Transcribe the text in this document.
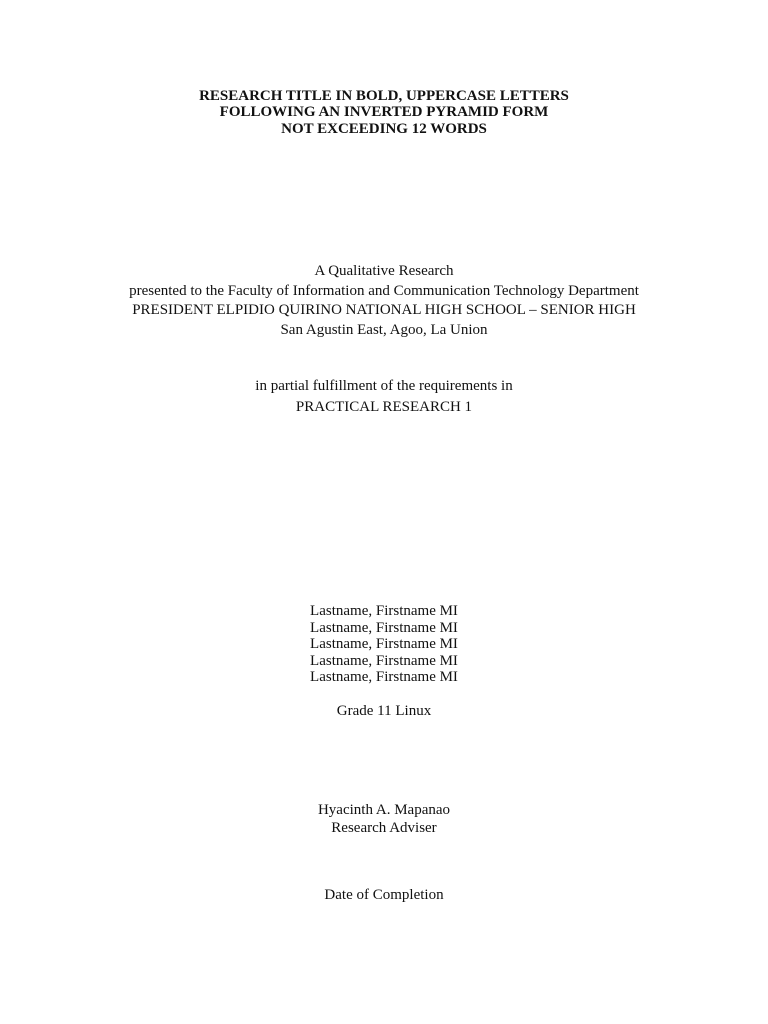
RESEARCH TITLE IN BOLD, UPPERCASE LETTERS
FOLLOWING AN INVERTED PYRAMID FORM
NOT EXCEEDING 12 WORDS
A Qualitative Research
presented to the Faculty of Information and Communication Technology Department
PRESIDENT ELPIDIO QUIRINO NATIONAL HIGH SCHOOL – SENIOR HIGH
San Agustin East, Agoo, La Union
in partial fulfillment of the requirements in
PRACTICAL RESEARCH 1
Lastname, Firstname MI
Lastname, Firstname MI
Lastname, Firstname MI
Lastname, Firstname MI
Lastname, Firstname MI
Grade 11 Linux
Hyacinth A. Mapanao
Research Adviser
Date of Completion
